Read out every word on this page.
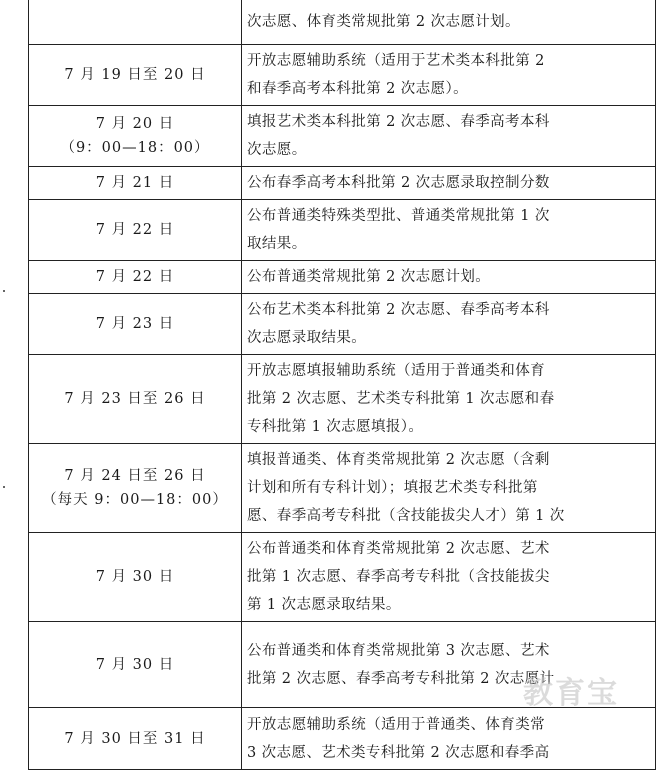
	次志愿、体育类常规批第 2 次志愿计划。

7 月 19 日至 20 日	开放志愿辅助系统（适用于艺术类本科批第 2
和春季高考本科批第 2 次志愿）。

7 月 20 日
（9：00—18：00）	填报艺术类本科批第 2 次志愿、春季高考本科
次志愿。

7 月 21 日	公布春季高考本科批第 2 次志愿录取控制分数

7 月 22 日	公布普通类特殊类型批、普通类常规批第 1 次
取结果。

7 月 22 日	公布普通类常规批第 2 次志愿计划。

7 月 23 日	公布艺术类本科批第 2 次志愿、春季高考本科
次志愿录取结果。

7 月 23 日至 26 日	开放志愿填报辅助系统（适用于普通类和体育
批第 2 次志愿、艺术类专科批第 1 次志愿和春
专科批第 1 次志愿填报）。

7 月 24 日至 26 日
（每天 9：00—18：00）	填报普通类、体育类常规批第 2 次志愿（含剩
计划和所有专科计划）；填报艺术类专科批第
愿、春季高考专科批（含技能拔尖人才）第 1 次

7 月 30 日	公布普通类和体育类常规批第 2 次志愿、艺术
批第 1 次志愿、春季高考专科批（含技能拔尖
第 1 次志愿录取结果。

7 月 30 日	公布普通类和体育类常规批第 3 次志愿、艺术
批第 2 次志愿、春季高考专科批第 2 次志愿计

7 月 30 日至 31 日	开放志愿辅助系统（适用于普通类、体育类常
3 次志愿、艺术类专科批第 2 次志愿和春季高
教育宝
